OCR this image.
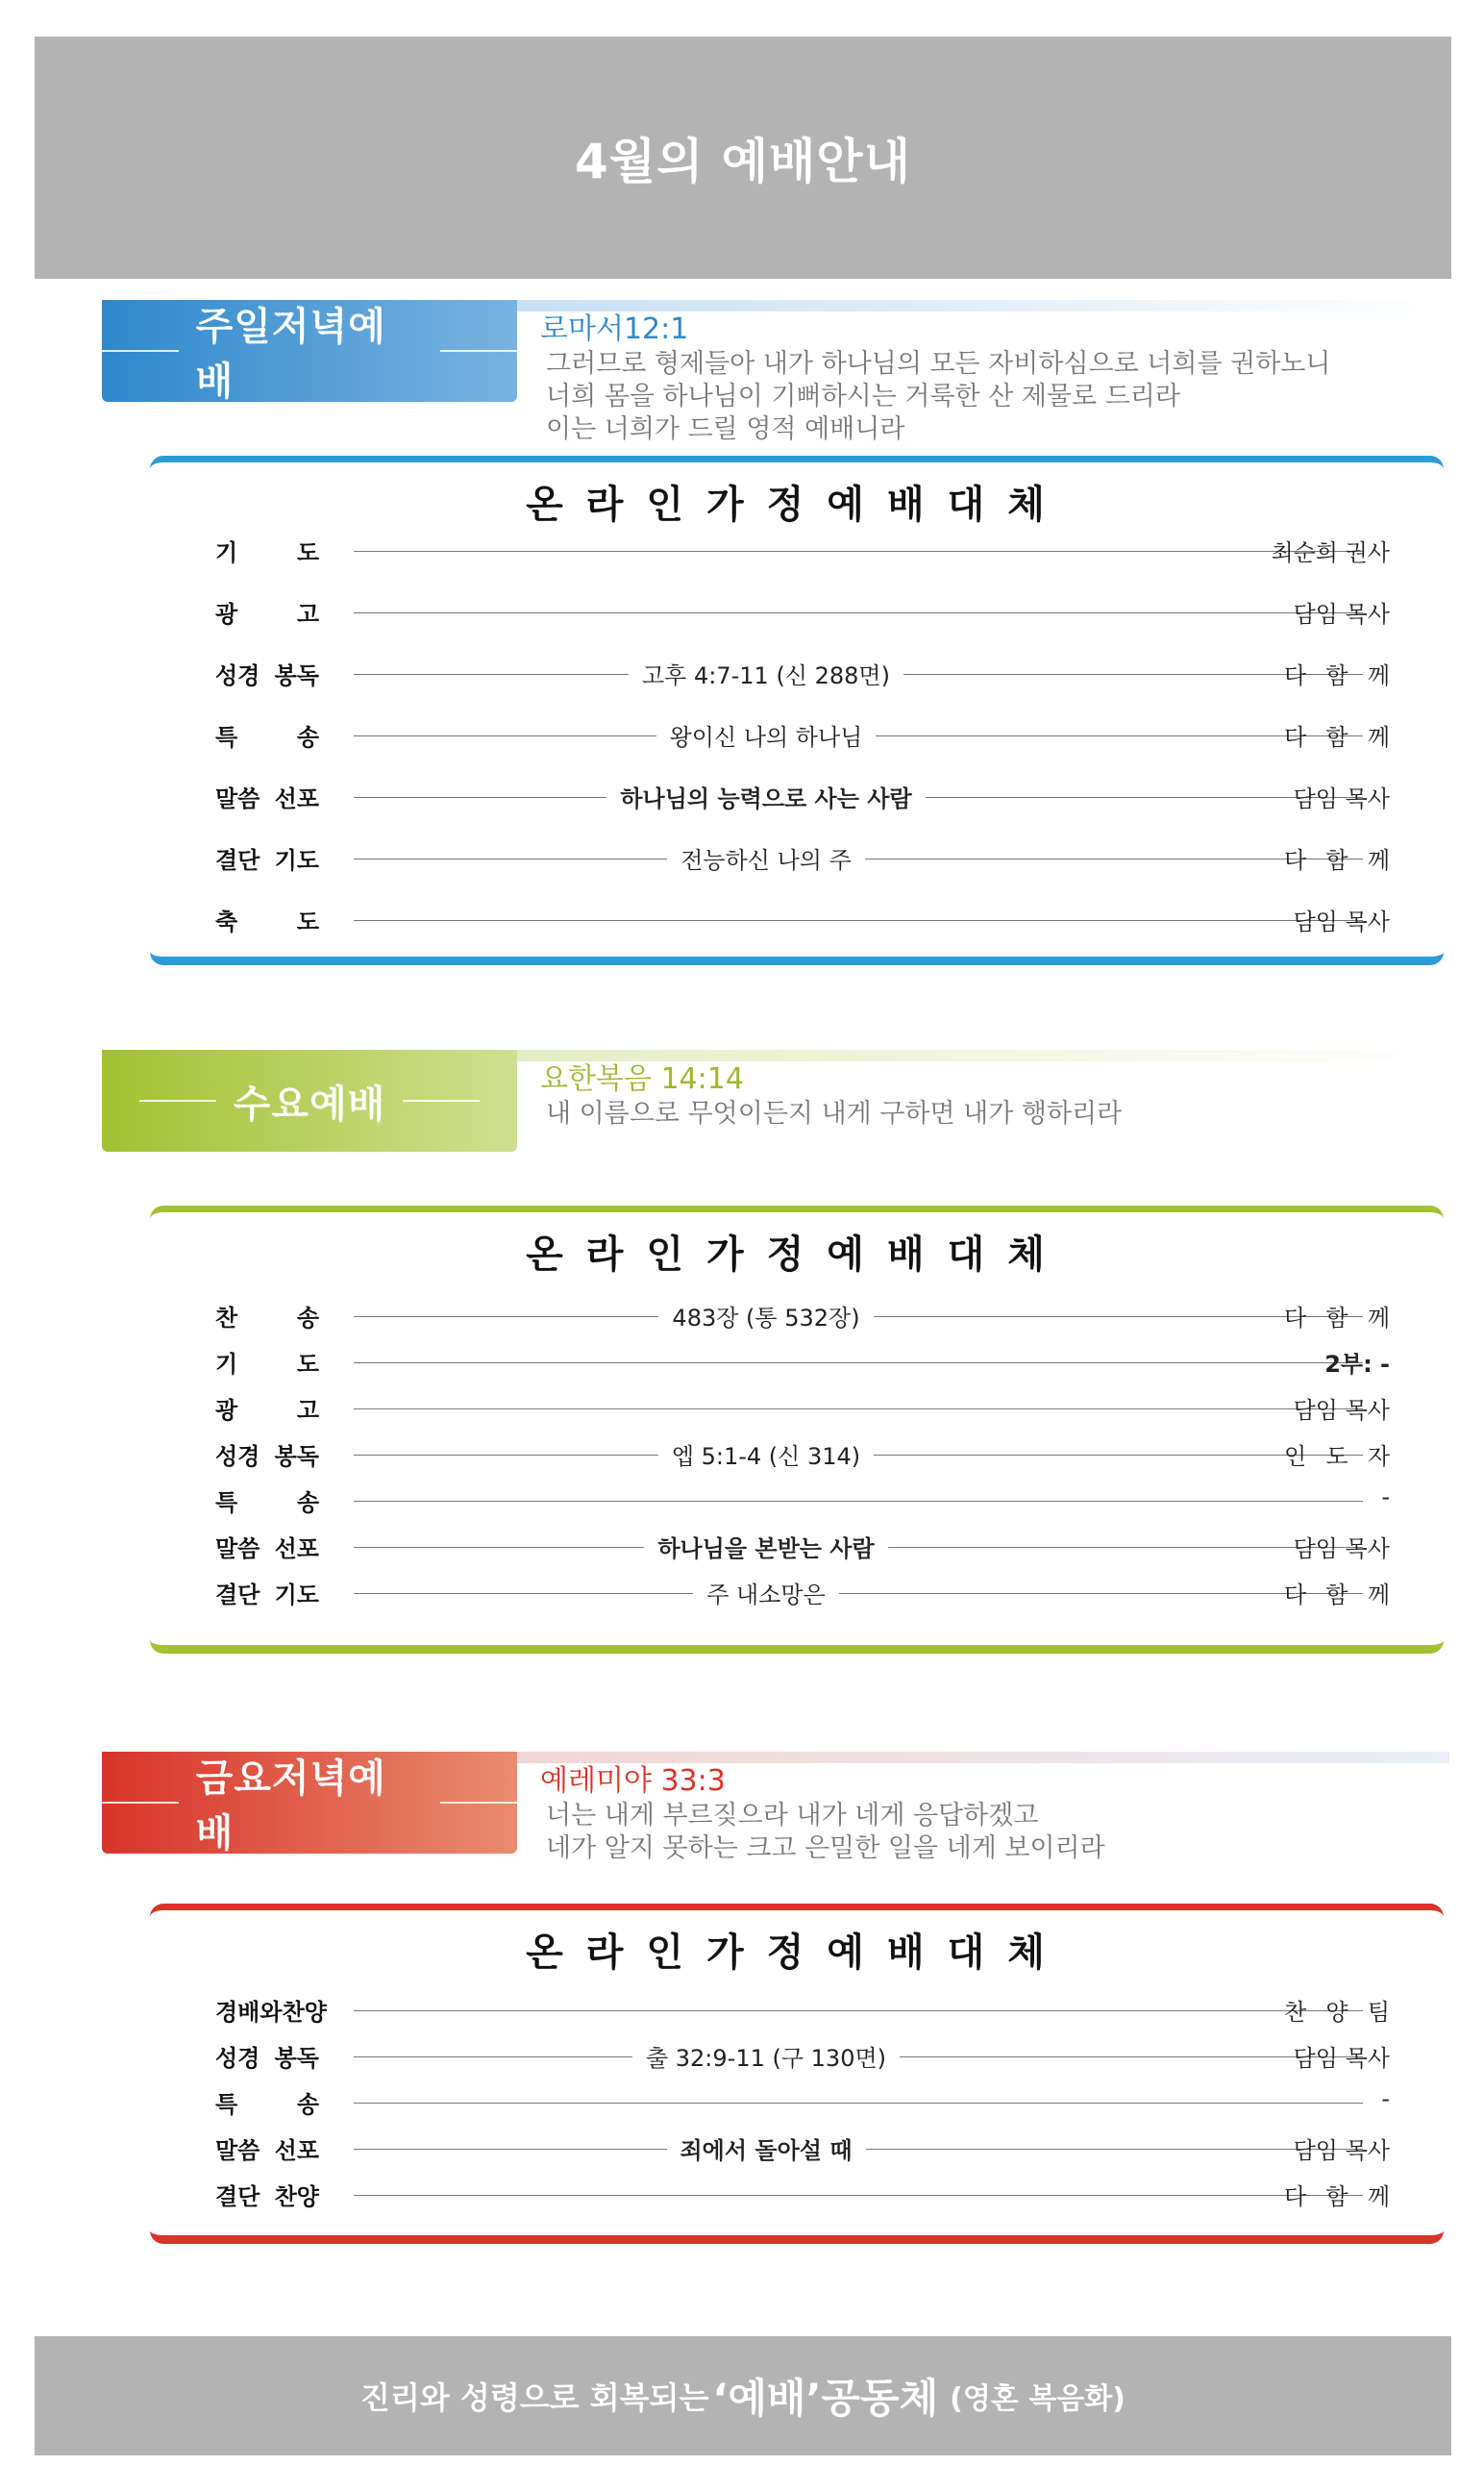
4월의 예배안내
주일저녁예배
로마서12:1
그러므로 형제들아 내가 하나님의 모든 자비하심으로 너희를 권하노니
너희 몸을 하나님이 기뻐하시는 거룩한 산 제물로 드리라
이는 너희가 드릴 영적 예배니라
온라인가정예배대체
기	도	최순희 권사
광	고	담임 목사
성경 봉독	고후 4:7-11 (신 288면)	다 함 께
특	송	왕이신 나의 하나님	다 함 께
말씀 선포	하나님의 능력으로 사는 사람	담임 목사
결단 기도	전능하신 나의 주	다 함 께
축	도	담임 목사
수요예배
요한복음 14:14
내 이름으로 무엇이든지 내게 구하면 내가 행하리라
온라인가정예배대체
찬	송	483장 (통 532장)	다 함 께
기	도	2부: -
광	고	담임 목사
성경 봉독	엡 5:1-4 (신 314)	인 도 자
특	송	-
말씀 선포	하나님을 본받는 사람	담임 목사
결단 기도	주 내소망은	다 함 께
금요저녁예배
예레미야 33:3
너는 내게 부르짖으라 내가 네게 응답하겠고
네가 알지 못하는 크고 은밀한 일을 네게 보이리라
온라인가정예배대체
경배와찬양	찬 양 팀
성경 봉독	출 32:9-11 (구 130면)	담임 목사
특	송	-
말씀 선포	죄에서 돌아설 때	담임 목사
결단 찬양	다 함 께
진리와 성령으로 회복되는 ‘예배’공동체 (영혼 복음화)
